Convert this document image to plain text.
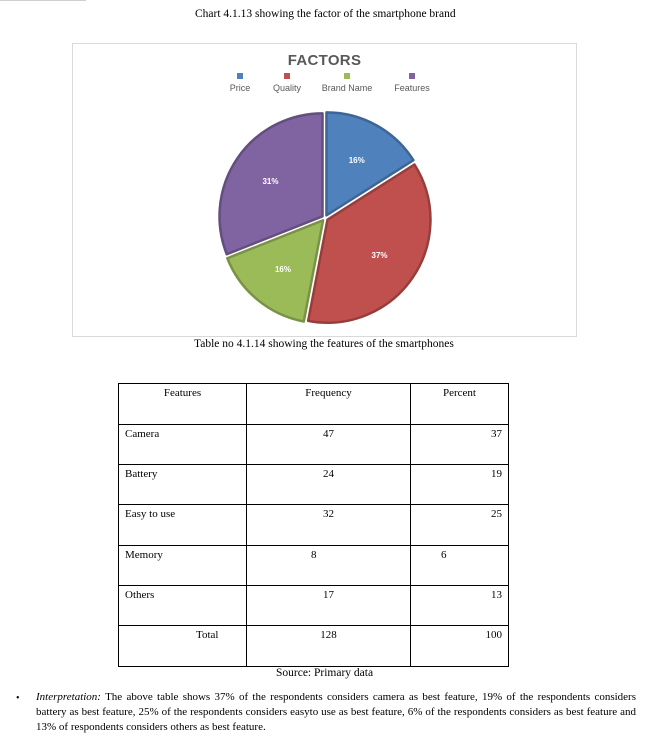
Chart 4.1.13 showing the factor of the smartphone brand
FACTORS
Price	Quality	Brand Name	Features
16%
37%
16%
31%
Table no 4.1.14 showing the features of the smartphones
Features	Frequency	Percent
Camera	47	37
Battery	24	19
Easy to use	32	25
Memory	8	6
Others	17	13
Total	128	100
Source: Primary data
• Interpretation: The above table shows 37% of the respondents considers camera as best feature, 19% of the respondents considers battery as best feature, 25% of the respondents considers easyto use as best feature, 6% of the respondents considers as best feature and 13% of respondents considers others as best feature.
